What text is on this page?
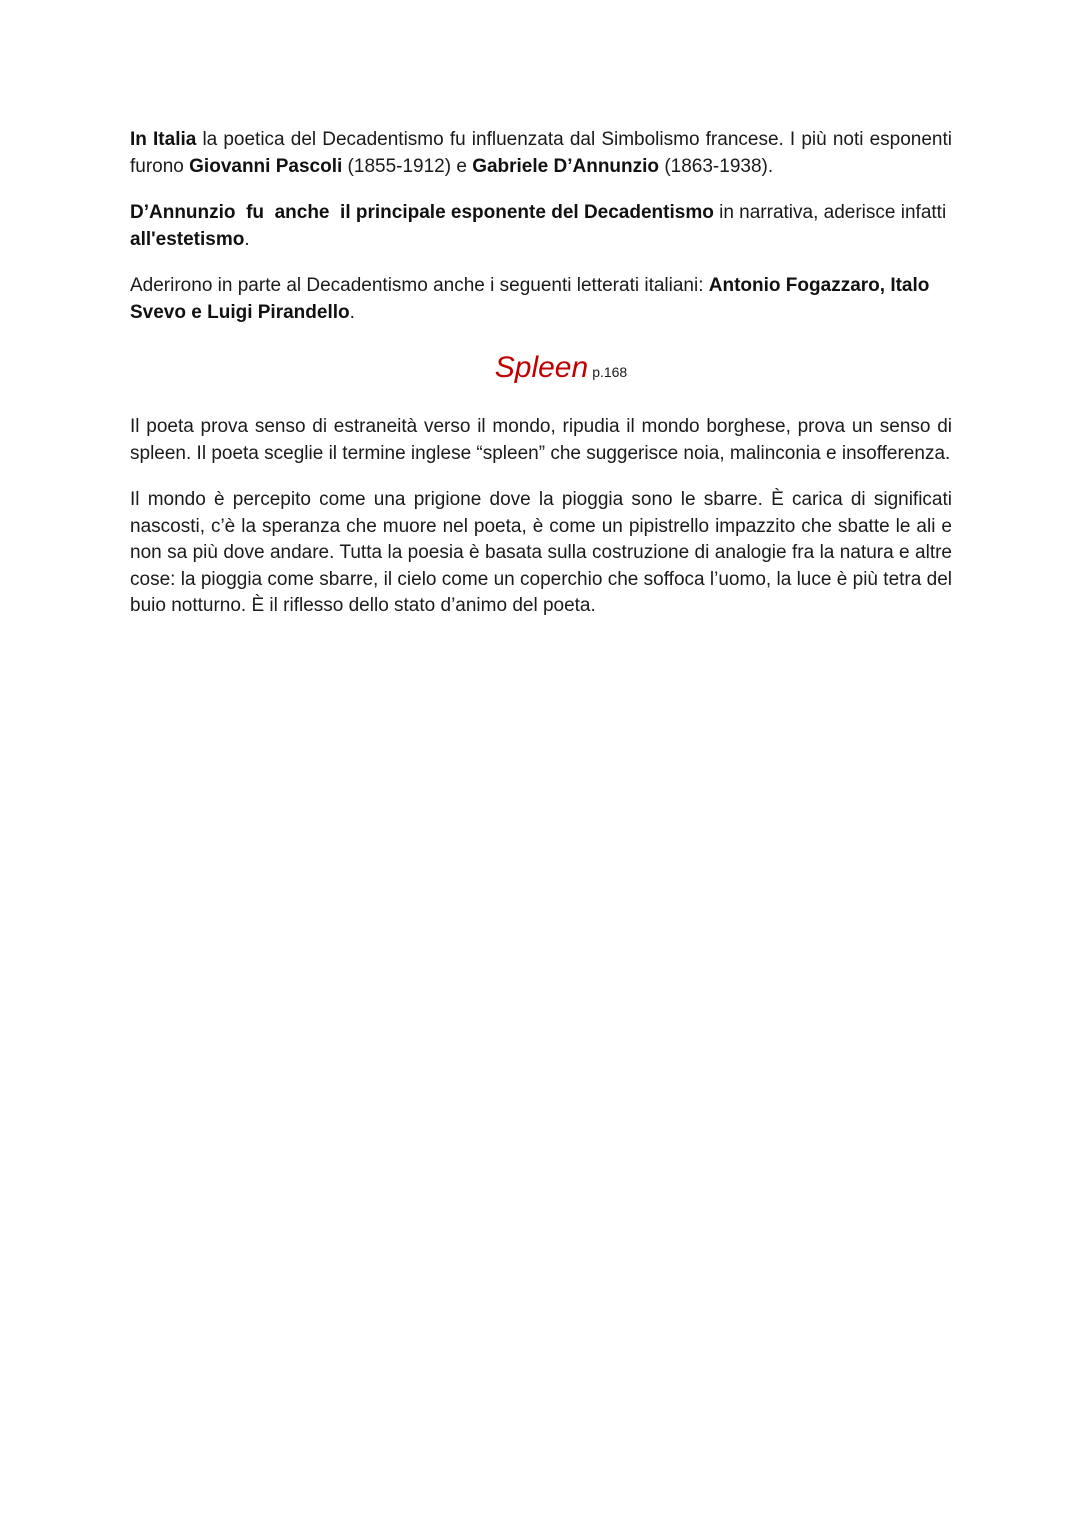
In Italia la poetica del Decadentismo fu influenzata dal Simbolismo francese. I più noti esponenti furono Giovanni Pascoli (1855-1912) e Gabriele D’Annunzio (1863-1938).

D’Annunzio  fu  anche  il principale esponente del Decadentismo in narrativa, aderisce infatti all'estetismo.

Aderirono in parte al Decadentismo anche i seguenti letterati italiani: Antonio Fogazzaro, Italo Svevo e Luigi Pirandello.

Spleen p.168

Il poeta prova senso di estraneità verso il mondo, ripudia il mondo borghese, prova un senso di spleen. Il poeta sceglie il termine inglese “spleen” che suggerisce noia, malinconia e insofferenza.

Il mondo è percepito come una prigione dove la pioggia sono le sbarre. È carica di significati nascosti, c’è la speranza che muore nel poeta, è come un pipistrello impazzito che sbatte le ali e non sa più dove andare. Tutta la poesia è basata sulla costruzione di analogie fra la natura e altre cose: la pioggia come sbarre, il cielo come un coperchio che soffoca l’uomo, la luce è più tetra del buio notturno. È il riflesso dello stato d’animo del poeta.
